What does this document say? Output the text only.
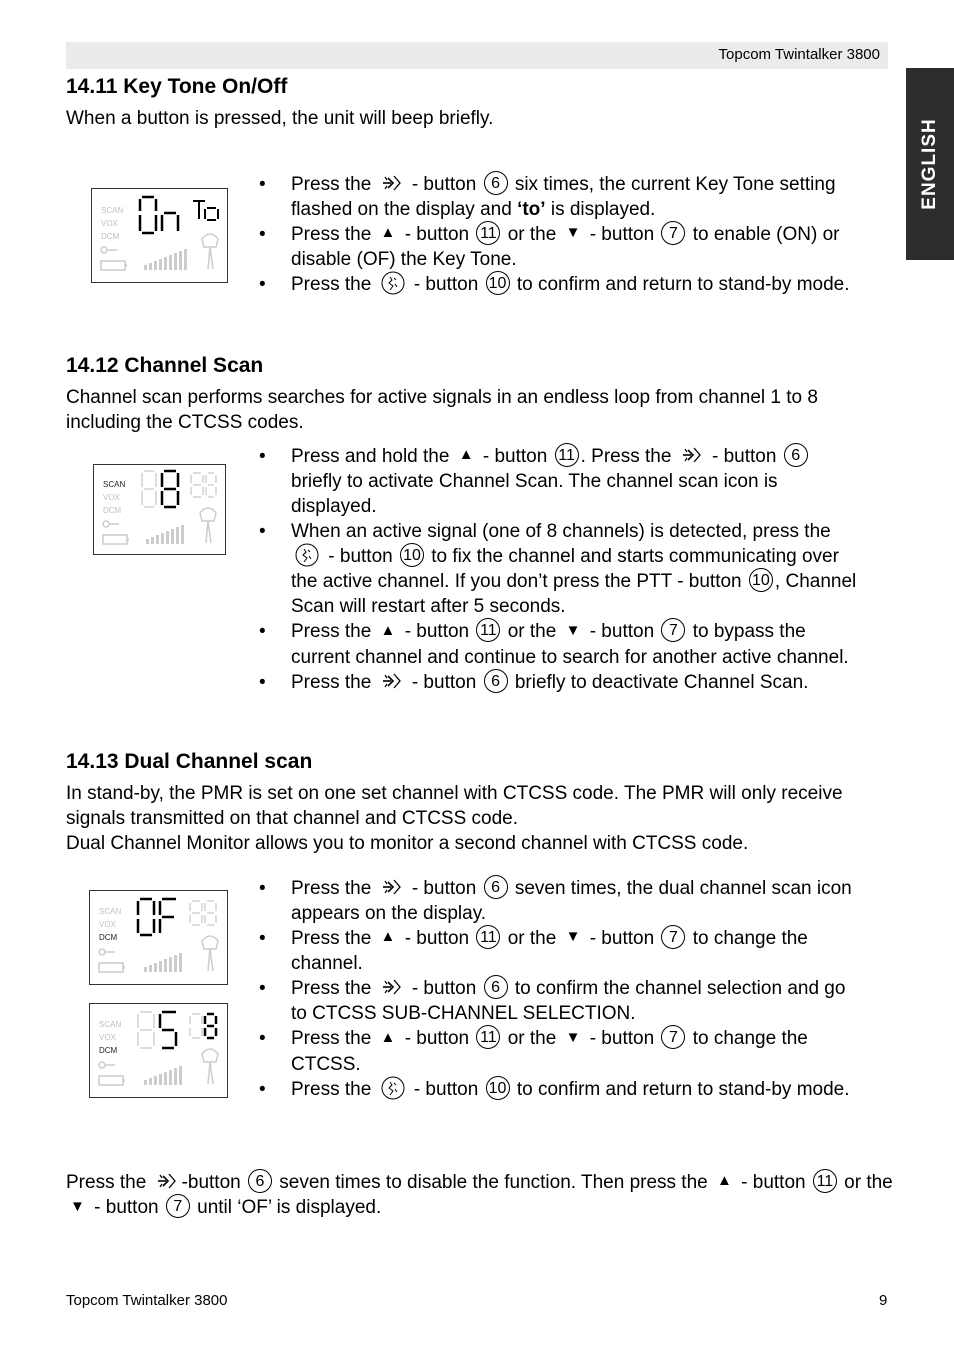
Topcom Twintalker 3800
ENGLISH
14.11 Key Tone On/Off

When a button is pressed, the unit will beep briefly.

SCAN
VOX
DCM
• Press the - button 6 six times, the current Key Tone setting flashed on the display and ‘to’ is displayed.
• Press the ▲ - button 11 or the ▼ - button 7 to enable (ON) or disable (OF) the Key Tone.
• Press the - button 10 to confirm and return to stand-by mode.
14.12 Channel Scan

Channel scan performs searches for active signals in an endless loop from channel 1 to 8 including the CTCSS codes.

SCAN
VOX
DCM
• Press and hold the ▲ - button 11 . Press the - button 6 briefly to activate Channel Scan. The channel scan icon is displayed.
• When an active signal (one of 8 channels) is detected, press the  - button 10 to fix the channel and starts communicating over the active channel. If you don’t press the PTT - button 10 , Channel Scan will restart after 5 seconds.
• Press the ▲ - button 11 or the ▼ - button 7 to bypass the current channel and continue to search for another active channel.
• Press the - button 6 briefly to deactivate Channel Scan.
14.13 Dual Channel scan

In stand-by, the PMR is set on one set channel with CTCSS code. The PMR will only receive signals transmitted on that channel and CTCSS code.

Dual Channel Monitor allows you to monitor a second channel with CTCSS code.

SCAN
VOX
DCM
SCAN
VOX
DCM
• Press the - button 6 seven times, the dual channel scan icon appears on the display.
• Press the ▲ - button 11 or the ▼ - button 7 to change the channel.
• Press the - button 6 to confirm the channel selection and go to CTCSS SUB-CHANNEL SELECTION.
• Press the ▲ - button 11 or the ▼ - button 7 to change the CTCSS.
• Press the - button 10 to confirm and return to stand-by mode.

Press the -button 6 seven times to disable the function. Then press the ▲ - button 11 or the ▼ - button 7 until ‘OF’ is displayed.

Topcom Twintalker 3800	9
